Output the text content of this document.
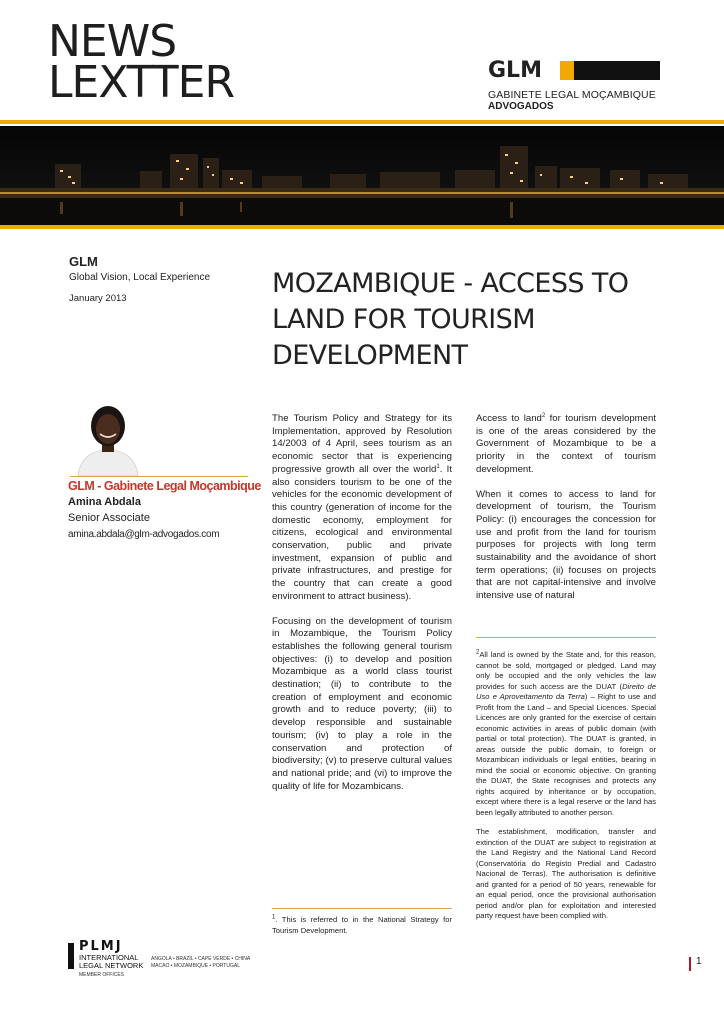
NEWS
LEXTTER	GLM
GABINETE LEGAL MOÇAMBIQUE
ADVOGADOS
GLM
Global Vision, Local Experience
January 2013	MOZAMBIQUE - ACCESS TO LAND FOR TOURISM DEVELOPMENT
GLM - Gabinete Legal Moçambique
Amina Abdala
Senior Associate
amina.abdala@glm-advogados.com

The Tourism Policy and Strategy for its Implementation, approved by Resolution 14/2003 of 4 April, sees tourism as an economic sector that is experiencing progressive growth all over the world$^1$. It also considers tourism to be one of the vehicles for the economic development of this country (generation of income for the domestic economy, employment for citizens, ecological and environmental conservation, public and private investment, expansion of public and private infrastructures, and prestige for the country that can create a good environment to attract business).

Focusing on the development of tourism in Mozambique, the Tourism Policy establishes the following general tourism objectives: (i) to develop and position Mozambique as a world class tourist destination; (ii) to contribute to the creation of employment and economic growth and to reduce poverty; (iii) to develop responsible and sustainable tourism; (iv) to play a role in the conservation and protection of biodiversity; (v) to preserve cultural values and national pride; and (vi) to improve the quality of life for Mozambicans.

Access to land$^2$ for tourism development is one of the areas considered by the Government of Mozambique to be a priority in the context of tourism development.

When it comes to access to land for development of tourism, the Tourism Policy: (i) encourages the concession for use and profit from the land for tourism purposes for projects with long term sustainability and the avoidance of short term operations; (ii) focuses on projects that are not capital-intensive and involve intensive use of natural

$^2$All land is owned by the State and, for this reason, cannot be sold, mortgaged or pledged. Land may only be occupied and the only vehicles the law provides for such access are the DUAT (Direito de Uso e Aproveitamento da Terra) – Right to use and Profit from the Land – and Special Licences. Special Licences are only granted for the exercise of certain economic activities in areas of public domain (with partial or total protection). The DUAT is granted, in areas outside the public domain, to foreign or Mozambican individuals or legal entities, bearing in mind the social or economic objective. On granting the DUAT, the State recognises and protects any rights acquired by inheritance or by occupation, except where there is a legal reserve or the land has been legally attributed to another person.

The establishment, modification, transfer and extinction of the DUAT are subject to registration at the Land Registry and the National Land Record (Conservatória do Registo Predial and Cadastro Nacional de Terras). The authorisation is definitive and granted for a period of 50 years, renewable for an equal period, once the provisional authorisation period and/or plan for exploitation and interested party request have been complied with.

$^1$. This is referred to in the National Strategy for Tourism Development.

PLMJ
INTERNATIONAL
LEGAL NETWORK
MEMBER OFFICES
ANGOLA • BRAZIL • CAPE VERDE • CHINA
MACAO • MOZAMBIQUE • PORTUGAL	1
